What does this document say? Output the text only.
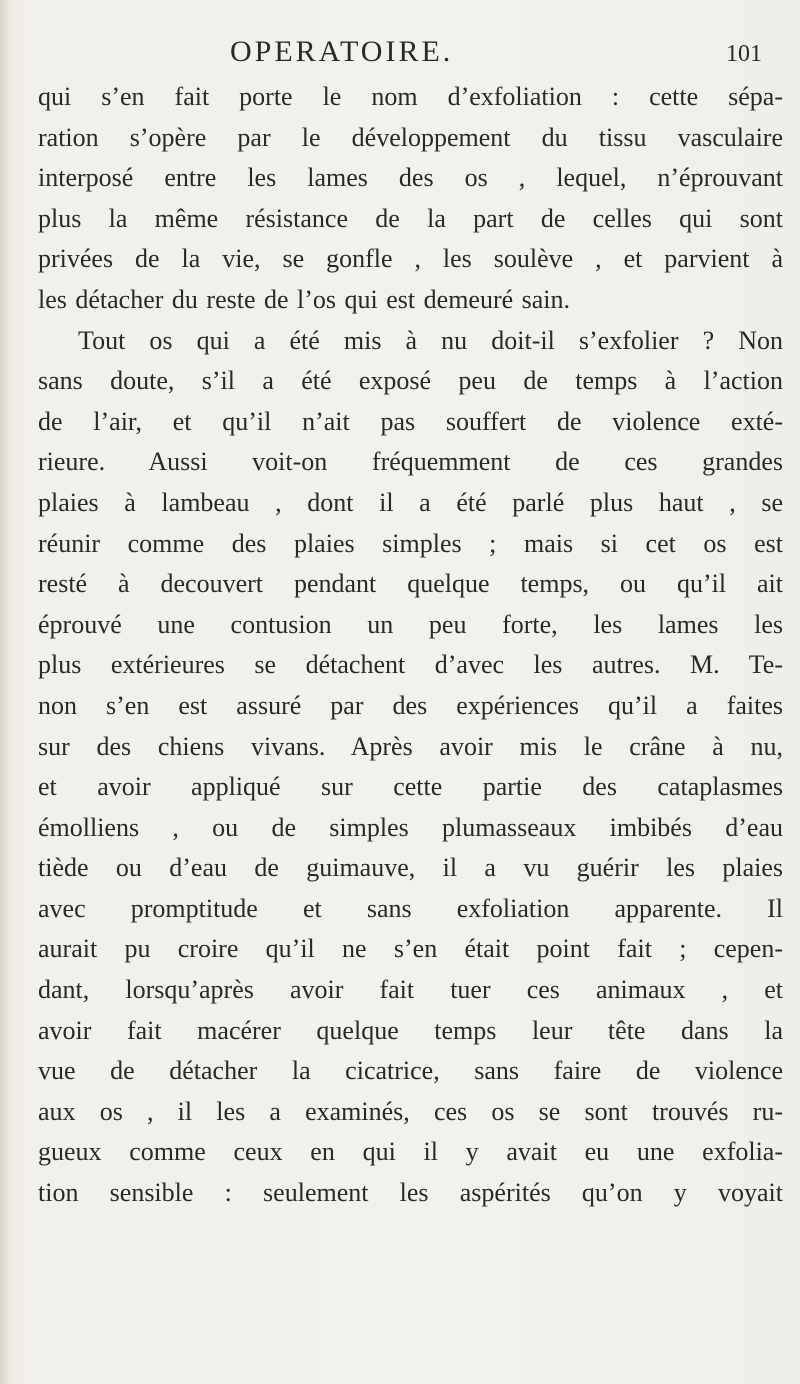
OPERATOIRE.	101
qui s’en fait porte le nom d’exfoliation : cette sépa-
ration s’opère par le développement du tissu vasculaire
interposé entre les lames des os , lequel, n’éprouvant
plus la même résistance de la part de celles qui sont
privées de la vie, se gonfle , les soulève , et parvient à
les détacher du reste de l’os qui est demeuré sain.
Tout os qui a été mis à nu doit-il s’exfolier ? Non
sans doute, s’il a été exposé peu de temps à l’action
de l’air, et qu’il n’ait pas souffert de violence exté-
rieure. Aussi voit-on fréquemment de ces grandes
plaies à lambeau , dont il a été parlé plus haut , se
réunir comme des plaies simples ; mais si cet os est
resté à decouvert pendant quelque temps, ou qu’il ait
éprouvé une contusion un peu forte, les lames les
plus extérieures se détachent d’avec les autres. M. Te-
non s’en est assuré par des expériences qu’il a faites
sur des chiens vivans. Après avoir mis le crâne à nu,
et avoir appliqué sur cette partie des cataplasmes
émolliens , ou de simples plumasseaux imbibés d’eau
tiède ou d’eau de guimauve, il a vu guérir les plaies
avec promptitude et sans exfoliation apparente. Il
aurait pu croire qu’il ne s’en était point fait ; cepen-
dant, lorsqu’après avoir fait tuer ces animaux , et
avoir fait macérer quelque temps leur tête dans la
vue de détacher la cicatrice, sans faire de violence
aux os , il les a examinés, ces os se sont trouvés ru-
gueux comme ceux en qui il y avait eu une exfolia-
tion sensible : seulement les aspérités qu’on y voyait
